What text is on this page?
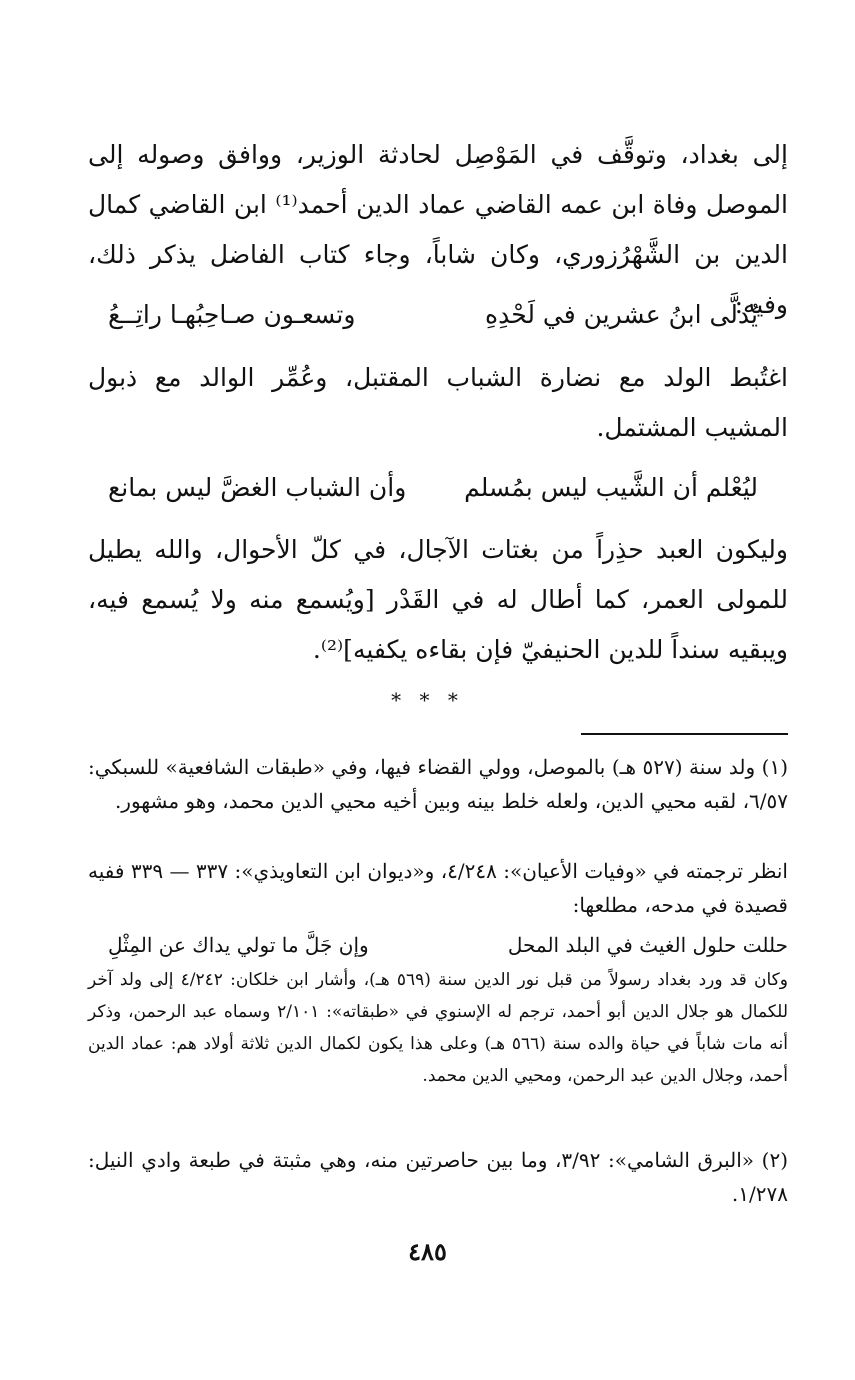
إلى بغداد، وتوقَّف في المَوْصِل لحادثة الوزير، ووافق وصوله إلى الموصل وفاة ابن عمه القاضي عماد الدين أحمد⁽¹⁾ ابن القاضي كمال الدين بن الشَّهْرُزوري، وكان شاباً، وجاء كتاب الفاضل يذكر ذلك، وفيه:
يُدلَّى ابنُ عشرين في لَحْدِهِ
وتسعـون صـاحِبُهـا راتِــعُ
اغتُبط الولد مع نضارة الشباب المقتبل، وعُمِّر الوالد مع ذبول المشيب المشتمل.
ليُعْلم أن الشَّيب ليس بمُسلم
وأن الشباب الغضَّ ليس بمانع
وليكون العبد حذِراً من بغتات الآجال، في كلّ الأحوال، والله يطيل للمولى العمر، كما أطال له في القَدْر [ويُسمع منه ولا يُسمع فيه، ويبقيه سنداً للدين الحنيفيّ فإن بقاءه يكفيه]⁽²⁾.
* * *
(١) ولد سنة (٥٢٧ هـ) بالموصل، وولي القضاء فيها، وفي «طبقات الشافعية» للسبكي: ٦/٥٧، لقبه محيي الدين، ولعله خلط بينه وبين أخيه محيي الدين محمد، وهو مشهور.
انظر ترجمته في «وفيات الأعيان»: ٤/٢٤٨، و«ديوان ابن التعاويذي»: ٣٣٧ — ٣٣٩ ففيه قصيدة في مدحه، مطلعها:
حللت حلول الغيث في البلد المحل
وإن جَلَّ ما تولي يداك عن المِثْلِ
وكان قد ورد بغداد رسولاً من قبل نور الدين سنة (٥٦٩ هـ)، وأشار ابن خلكان: ٤/٢٤٢ إلى ولد آخر للكمال هو جلال الدين أبو أحمد، ترجم له الإسنوي في «طبقاته»: ٢/١٠١ وسماه عبد الرحمن، وذكر أنه مات شاباً في حياة والده سنة (٥٦٦ هـ) وعلى هذا يكون لكمال الدين ثلاثة أولاد هم: عماد الدين أحمد، وجلال الدين عبد الرحمن، ومحيي الدين محمد.
(٢) «البرق الشامي»: ٣/٩٢، وما بين حاصرتين منه، وهي مثبتة في طبعة وادي النيل: ١/٢٧٨.
٤٨٥
